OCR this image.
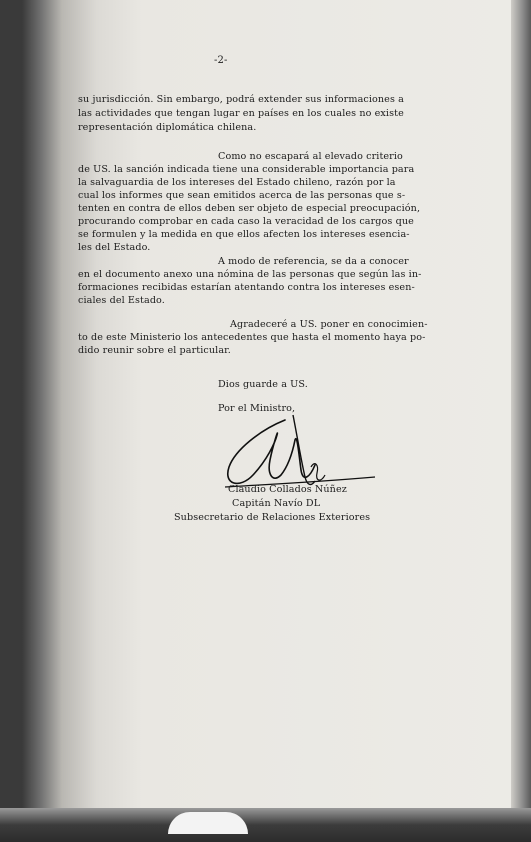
-2-
su jurisdicción. Sin embargo, podrá extender sus informaciones a
las actividades que tengan lugar en países en los cuales no existe
representación diplomática chilena.
Como no escapará al elevado criterio
de US. la sanción indicada tiene una considerable importancia para
la salvaguardia de los intereses del Estado chileno, razón por la
cual los informes que sean emitidos acerca de las personas que s-
tenten en contra de ellos deben ser objeto de especial preocupación,
procurando comprobar en cada caso la veracidad de los cargos que
se formulen y la medida en que ellos afecten los intereses esencia-
les del Estado.
A modo de referencia, se da a conocer
en el documento anexo una nómina de las personas que según las in-
formaciones recibidas estarían atentando contra los intereses esen-
ciales del Estado.
Agradeceré a US. poner en conocimien-
to de este Ministerio los antecedentes que hasta el momento haya po-
dido reunir sobre el particular.
Dios guarde a US.
Por el Ministro,
Claudio Collados Núñez
Capitán Navío DL
Subsecretario de Relaciones Exteriores
